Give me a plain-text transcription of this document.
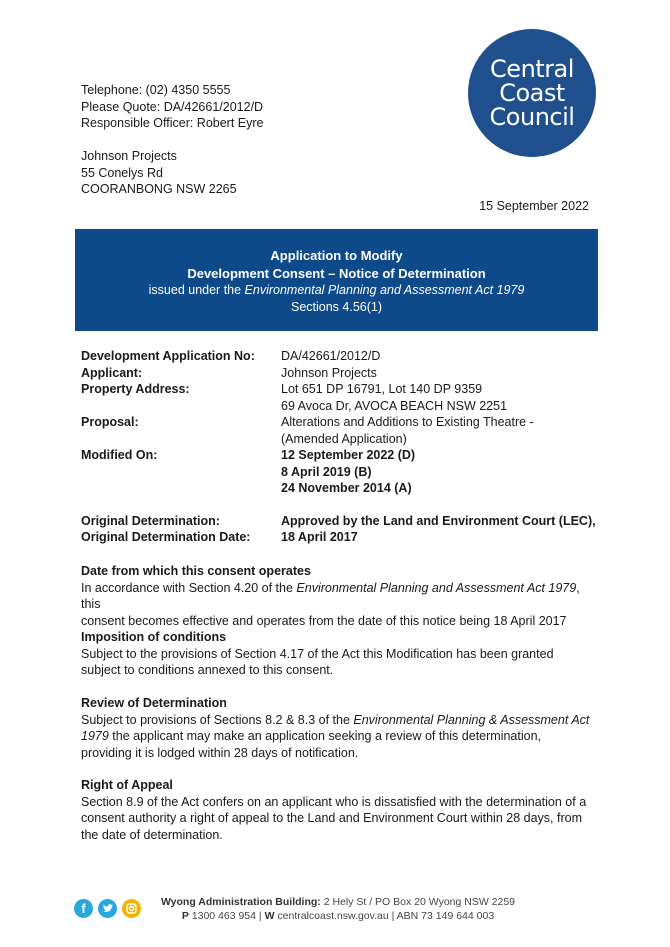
Telephone: (02) 4350 5555
Please Quote: DA/42661/2012/D
Responsible Officer: Robert Eyre
Johnson Projects
55 Conelys Rd
COORANBONG NSW 2265
Central
Coast
Council
15 September 2022
Application to Modify
Development Consent – Notice of Determination
issued under the Environmental Planning and Assessment Act 1979
Sections 4.56(1)
Development Application No:	DA/42661/2012/D
Applicant:	Johnson Projects
Property Address:	Lot 651 DP 16791, Lot 140 DP 9359
69 Avoca Dr, AVOCA BEACH NSW 2251
Proposal:	Alterations and Additions to Existing Theatre -
(Amended Application)
Modified On:	12 September 2022 (D)
8 April 2019 (B)
24 November 2014 (A)
Original Determination:	Approved by the Land and Environment Court (LEC),
Original Determination Date:	18 April 2017
Date from which this consent operates

In accordance with Section 4.20 of the Environmental Planning and Assessment Act 1979, this
consent becomes effective and operates from the date of this notice being 18 April 2017

Imposition of conditions

Subject to the provisions of Section 4.17 of the Act this Modification has been granted
subject to conditions annexed to this consent.

Review of Determination

Subject to provisions of Sections 8.2 & 8.3 of the Environmental Planning & Assessment Act
1979 the applicant may make an application seeking a review of this determination,
providing it is lodged within 28 days of notification.

Right of Appeal

Section 8.9 of the Act confers on an applicant who is dissatisfied with the determination of a
consent authority a right of appeal to the Land and Environment Court within 28 days, from
the date of determination.

f	Wyong Administration Building: 2 Hely St / PO Box 20 Wyong NSW 2259
P 1300 463 954 | W centralcoast.nsw.gov.au | ABN 73 149 644 003
